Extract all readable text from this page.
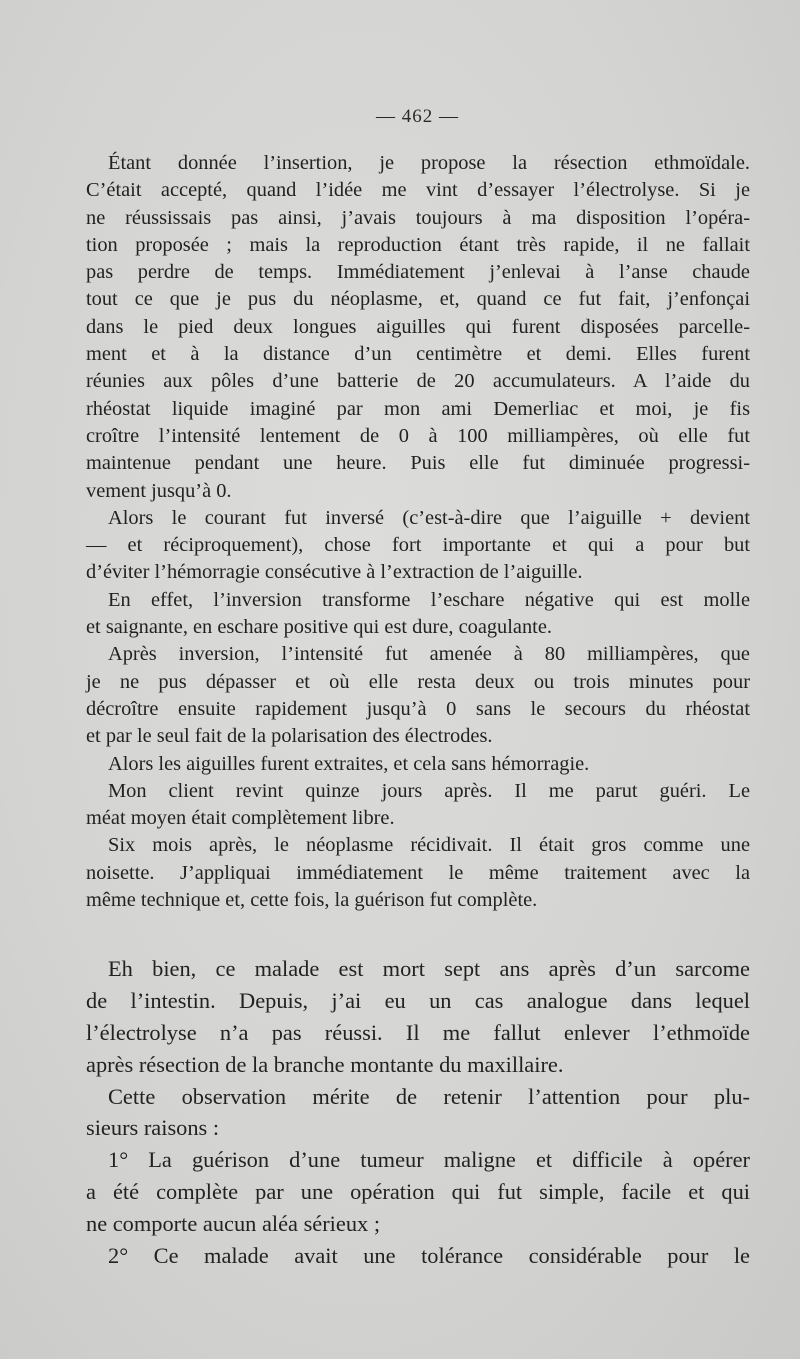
— 462 —
Étant donnée l’insertion, je propose la résection ethmoïdale.
C’était accepté, quand l’idée me vint d’essayer l’électrolyse. Si je
ne réussissais pas ainsi, j’avais toujours à ma disposition l’opéra-
tion proposée ; mais la reproduction étant très rapide, il ne fallait
pas perdre de temps. Immédiatement j’enlevai à l’anse chaude
tout ce que je pus du néoplasme, et, quand ce fut fait, j’enfonçai
dans le pied deux longues aiguilles qui furent disposées parcelle-
ment et à la distance d’un centimètre et demi. Elles furent
réunies aux pôles d’une batterie de 20 accumulateurs. A l’aide du
rhéostat liquide imaginé par mon ami Demerliac et moi, je fis
croître l’intensité lentement de 0 à 100 milliampères, où elle fut
maintenue pendant une heure. Puis elle fut diminuée progressi-
vement jusqu’à 0.
Alors le courant fut inversé (c’est-à-dire que l’aiguille + devient
— et réciproquement), chose fort importante et qui a pour but
d’éviter l’hémorragie consécutive à l’extraction de l’aiguille.
En effet, l’inversion transforme l’eschare négative qui est molle
et saignante, en eschare positive qui est dure, coagulante.
Après inversion, l’intensité fut amenée à 80 milliampères, que
je ne pus dépasser et où elle resta deux ou trois minutes pour
décroître ensuite rapidement jusqu’à 0 sans le secours du rhéostat
et par le seul fait de la polarisation des électrodes.
Alors les aiguilles furent extraites, et cela sans hémorragie.
Mon client revint quinze jours après. Il me parut guéri. Le
méat moyen était complètement libre.
Six mois après, le néoplasme récidivait. Il était gros comme une
noisette. J’appliquai immédiatement le même traitement avec la
même technique et, cette fois, la guérison fut complète.
Eh bien, ce malade est mort sept ans après d’un sarcome
de l’intestin. Depuis, j’ai eu un cas analogue dans lequel
l’électrolyse n’a pas réussi. Il me fallut enlever l’ethmoïde
après résection de la branche montante du maxillaire.
Cette observation mérite de retenir l’attention pour plu-
sieurs raisons :
1° La guérison d’une tumeur maligne et difficile à opérer
a été complète par une opération qui fut simple, facile et qui
ne comporte aucun aléa sérieux ;
2° Ce malade avait une tolérance considérable pour le
